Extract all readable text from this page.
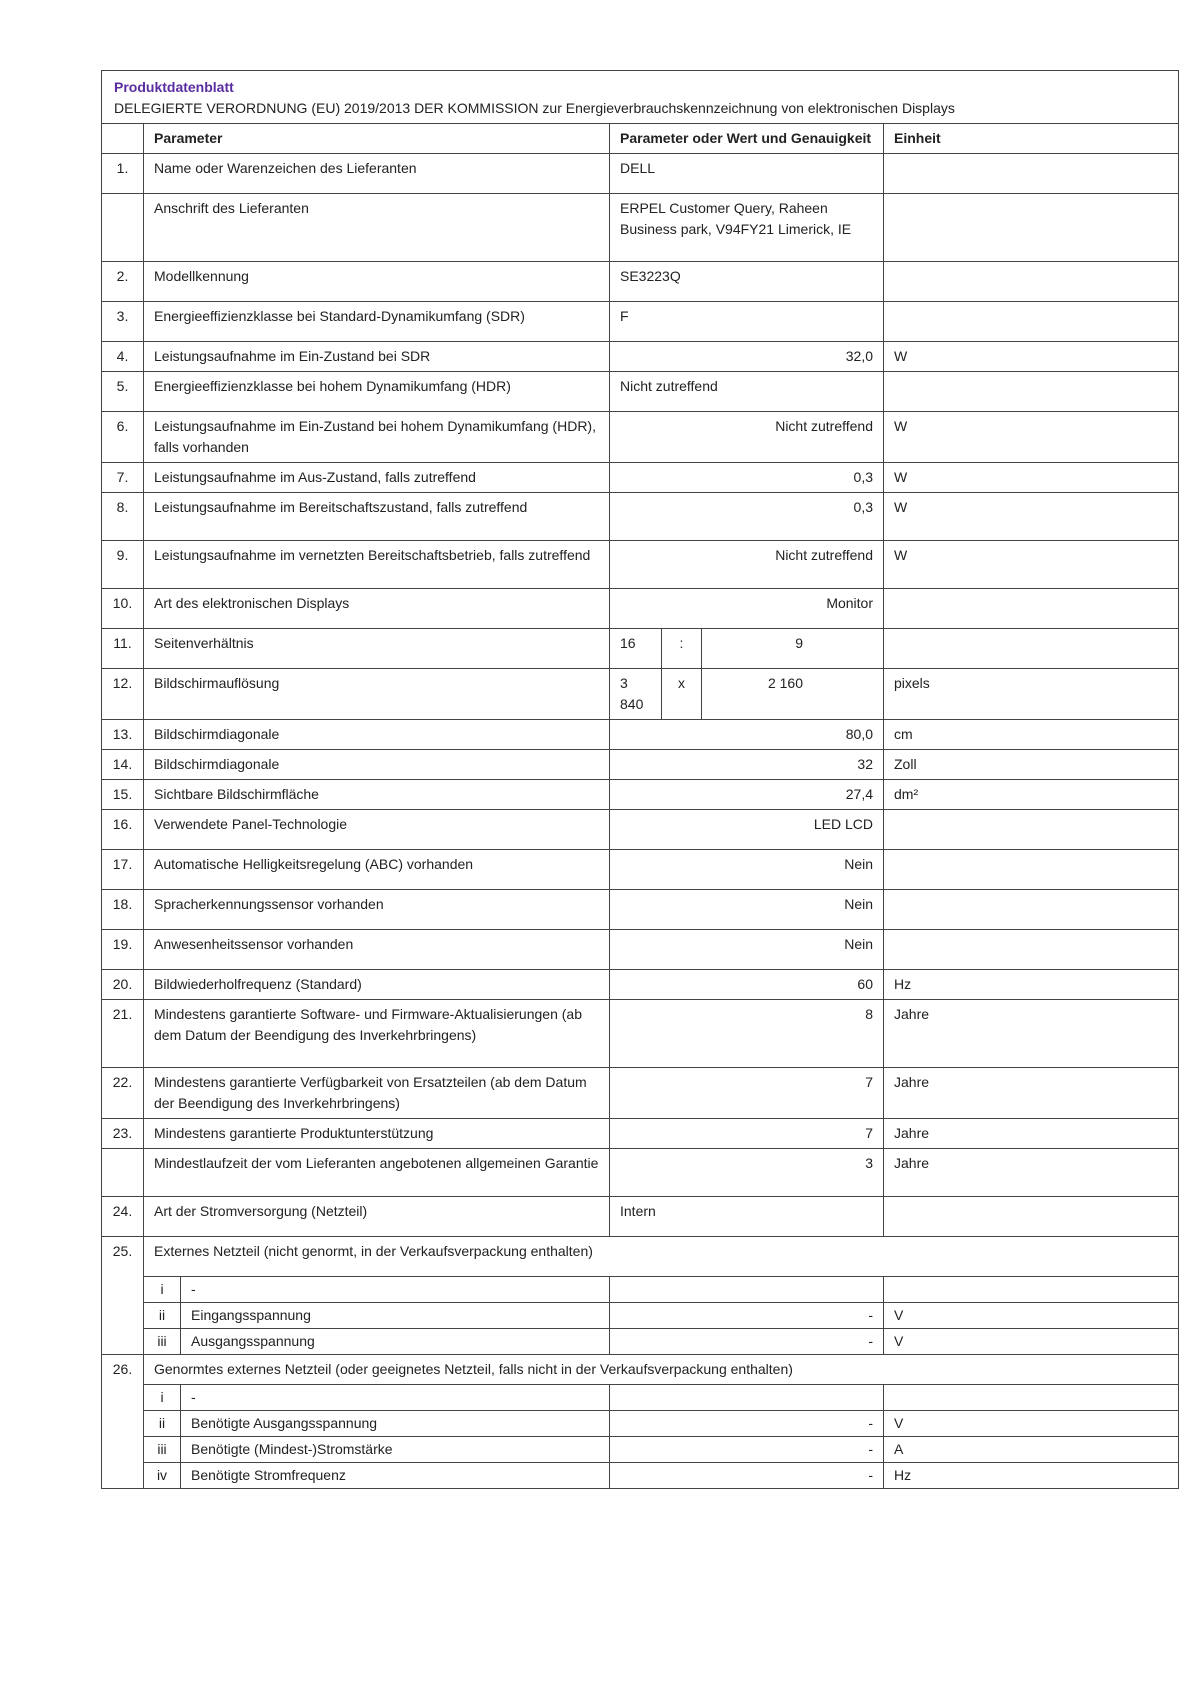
Produktdatenblatt
DELEGIERTE VERORDNUNG (EU) 2019/2013 DER KOMMISSION zur Energieverbrauchskennzeichnung von elektronischen Displays						
	Parameter		Parameter oder Wert und Genauigkeit			Einheit
1.	Name oder Warenzeichen des Lieferanten		DELL			
	Anschrift des Lieferanten		ERPEL Customer Query, Raheen Business park, V94FY21 Limerick, IE			
2.	Modellkennung		SE3223Q			
3.	Energieeffizienzklasse bei Standard-Dynamikumfang (SDR)		F			
4.	Leistungsaufnahme im Ein-Zustand bei SDR		32,0			W
5.	Energieeffizienzklasse bei hohem Dynamikumfang (HDR)		Nicht zutreffend			
6.	Leistungsaufnahme im Ein-Zustand bei hohem Dynamikumfang (HDR), falls vorhanden		Nicht zutreffend			W
7.	Leistungsaufnahme im Aus-Zustand, falls zutreffend		0,3			W
8.	Leistungsaufnahme im Bereitschaftszustand, falls zutreffend		0,3			W
9.	Leistungsaufnahme im vernetzten Bereitschaftsbetrieb, falls zutreffend		Nicht zutreffend			W
10.	Art des elektronischen Displays		Monitor			
11.	Seitenverhältnis		16	:	9	
12.	Bildschirmauflösung		3 840	x	2 160	pixels
13.	Bildschirmdiagonale		80,0			cm
14.	Bildschirmdiagonale		32			Zoll
15.	Sichtbare Bildschirmfläche		27,4			dm²
16.	Verwendete Panel-Technologie		LED LCD			
17.	Automatische Helligkeitsregelung (ABC) vorhanden		Nein			
18.	Spracherkennungssensor vorhanden		Nein			
19.	Anwesenheitssensor vorhanden		Nein			
20.	Bildwiederholfrequenz (Standard)		60			Hz
21.	Mindestens garantierte Software- und Firmware-Aktualisierungen (ab dem Datum der Beendigung des Inverkehrbringens)		8			Jahre
22.	Mindestens garantierte Verfügbarkeit von Ersatzteilen (ab dem Datum der Beendigung des Inverkehrbringens)		7			Jahre
23.	Mindestens garantierte Produktunterstützung		7			Jahre
	Mindestlaufzeit der vom Lieferanten angebotenen allgemeinen Garantie		3			Jahre
24.	Art der Stromversorgung (Netzteil)		Intern			
25.	Externes Netzteil (nicht genormt, in der Verkaufsverpackung enthalten)					
	i	-				
	ii	Eingangsspannung	-			V
	iii	Ausgangsspannung	-			V
26.	Genormtes externes Netzteil (oder geeignetes Netzteil, falls nicht in der Verkaufsverpackung enthalten)					
	i	-				
	ii	Benötigte Ausgangsspannung	-			V
	iii	Benötigte (Mindest-)Stromstärke	-			A
	iv	Benötigte Stromfrequenz	-			Hz
